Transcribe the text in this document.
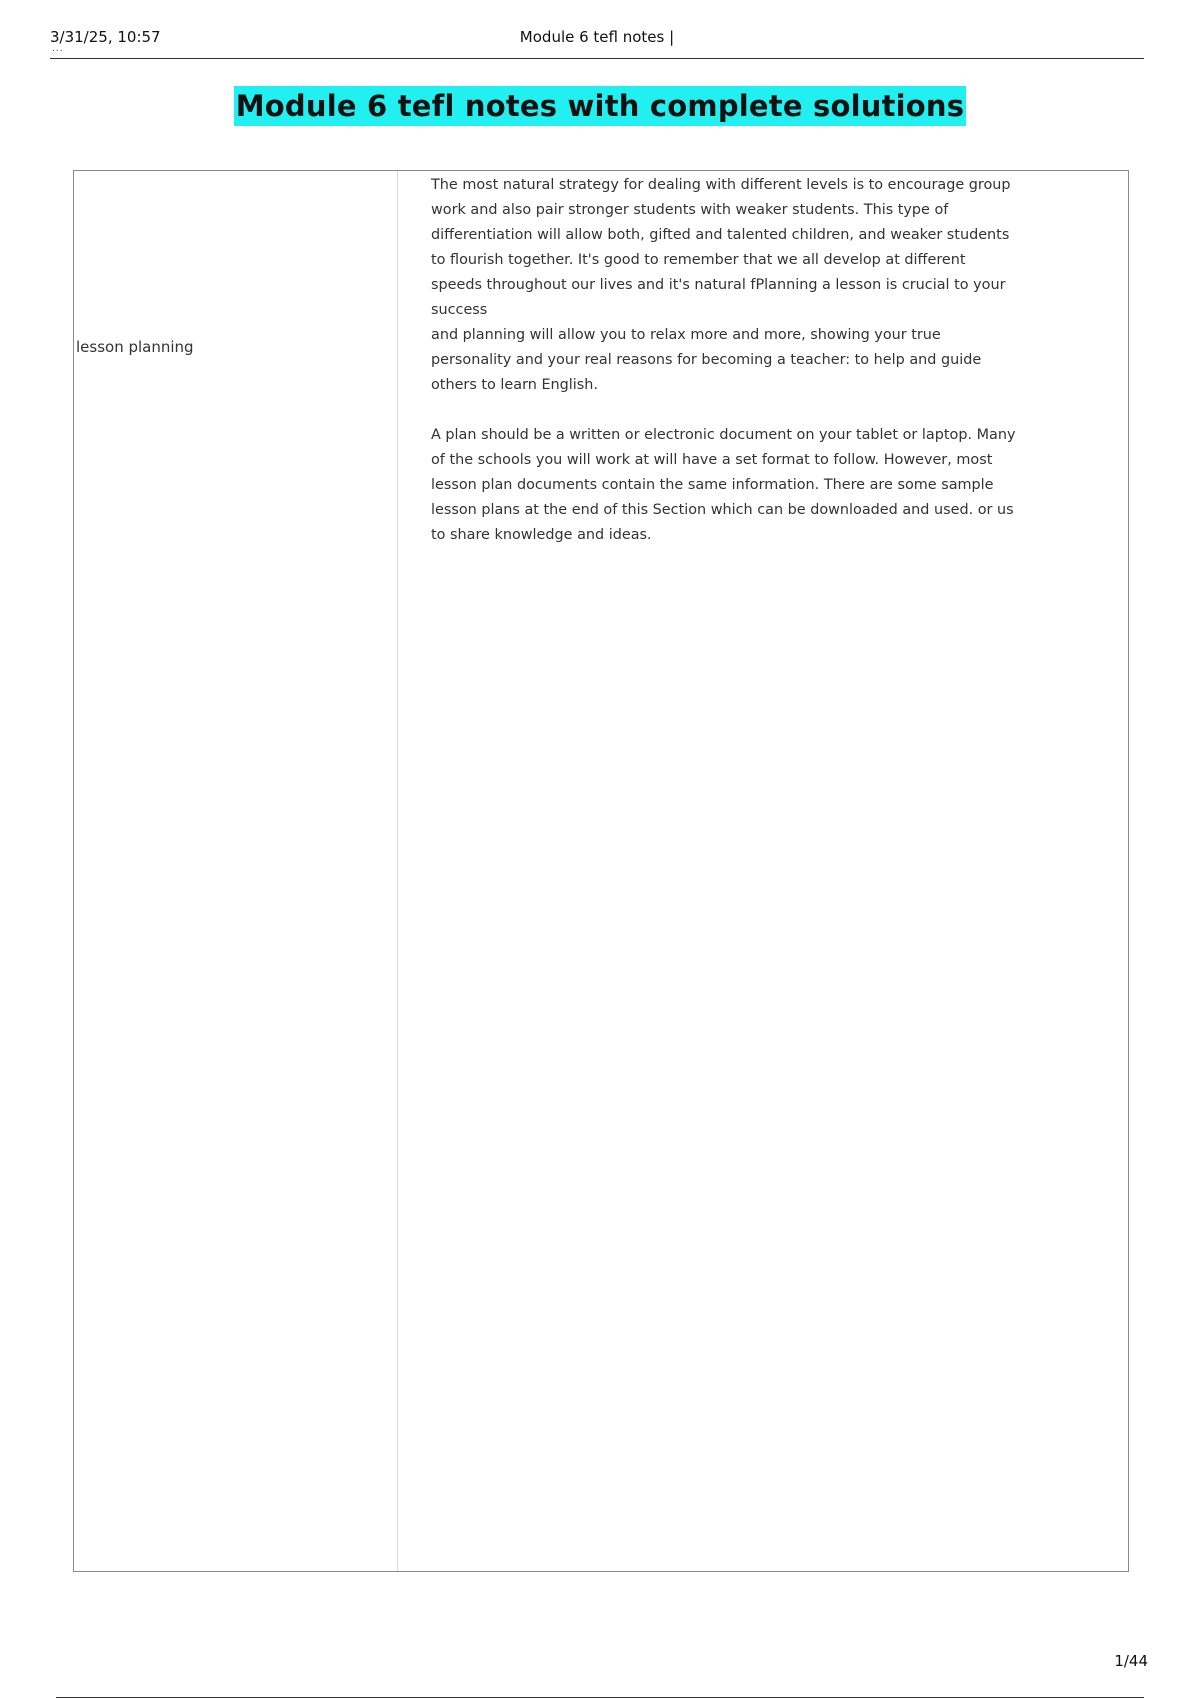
3/31/25, 10:57
...
Module 6 tefl notes |
Module 6 tefl notes with complete solutions
lesson planning

The most natural strategy for dealing with different levels is to encourage group work and also pair stronger students with weaker students. This type of differentiation will allow both, gifted and talented children, and weaker students to flourish together. It's good to remember that we all develop at different speeds throughout our lives and it's natural fPlanning a lesson is crucial to your success

and planning will allow you to relax more and more, showing your true personality and your real reasons for becoming a teacher: to help and guide others to learn English.

A plan should be a written or electronic document on your tablet or laptop. Many of the schools you will work at will have a set format to follow. However, most lesson plan documents contain the same information. There are some sample lesson plans at the end of this Section which can be downloaded and used. or us to share knowledge and ideas.

1/44
